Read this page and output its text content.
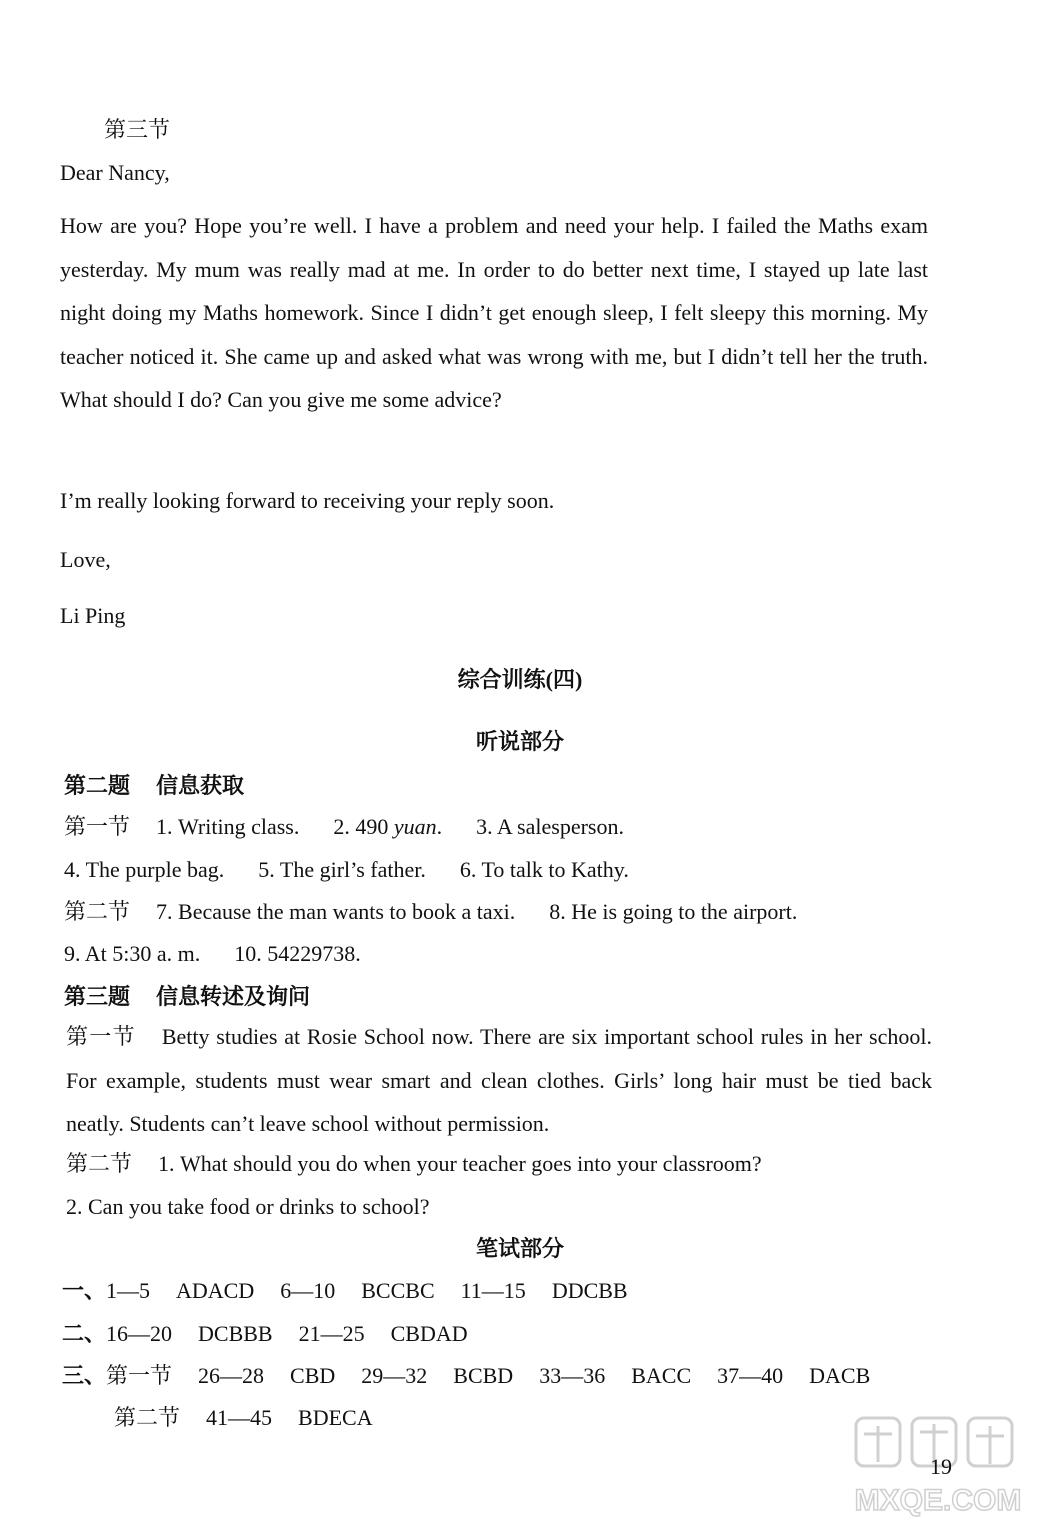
第三节
Dear Nancy,
How are you? Hope you’re well. I have a problem and need your help. I failed the Maths exam yesterday. My mum was really mad at me. In order to do better next time, I stayed up late last night doing my Maths homework. Since I didn’t get enough sleep, I felt sleepy this morning. My teacher noticed it. She came up and asked what was wrong with me, but I didn’t tell her the truth. What should I do? Can you give me some advice?
I’m really looking forward to receiving your reply soon.
Love,
Li Ping
综合训练(四)
听说部分
第二题 信息获取
第一节 1. Writing class. 2. 490 yuan. 3. A salesperson.
4. The purple bag. 5. The girl’s father. 6. To talk to Kathy.
第二节 7. Because the man wants to book a taxi. 8. He is going to the airport.
9. At 5:30 a. m. 10. 54229738.
第三题 信息转述及询问
第一节 Betty studies at Rosie School now. There are six important school rules in her school. For example, students must wear smart and clean clothes. Girls’ long hair must be tied back neatly. Students can’t leave school without permission.
第二节 1. What should you do when your teacher goes into your classroom?
2. Can you take food or drinks to school?
笔试部分
一、1—5 ADACD 6—10 BCCBC 11—15 DDCBB
二、16—20 DCBBB 21—25 CBDAD
三、第一节 26—28 CBD 29—32 BCBD 33—36 BACC 37—40 DACB
第二节 41—45 BDECA
MXQE.COM
19
